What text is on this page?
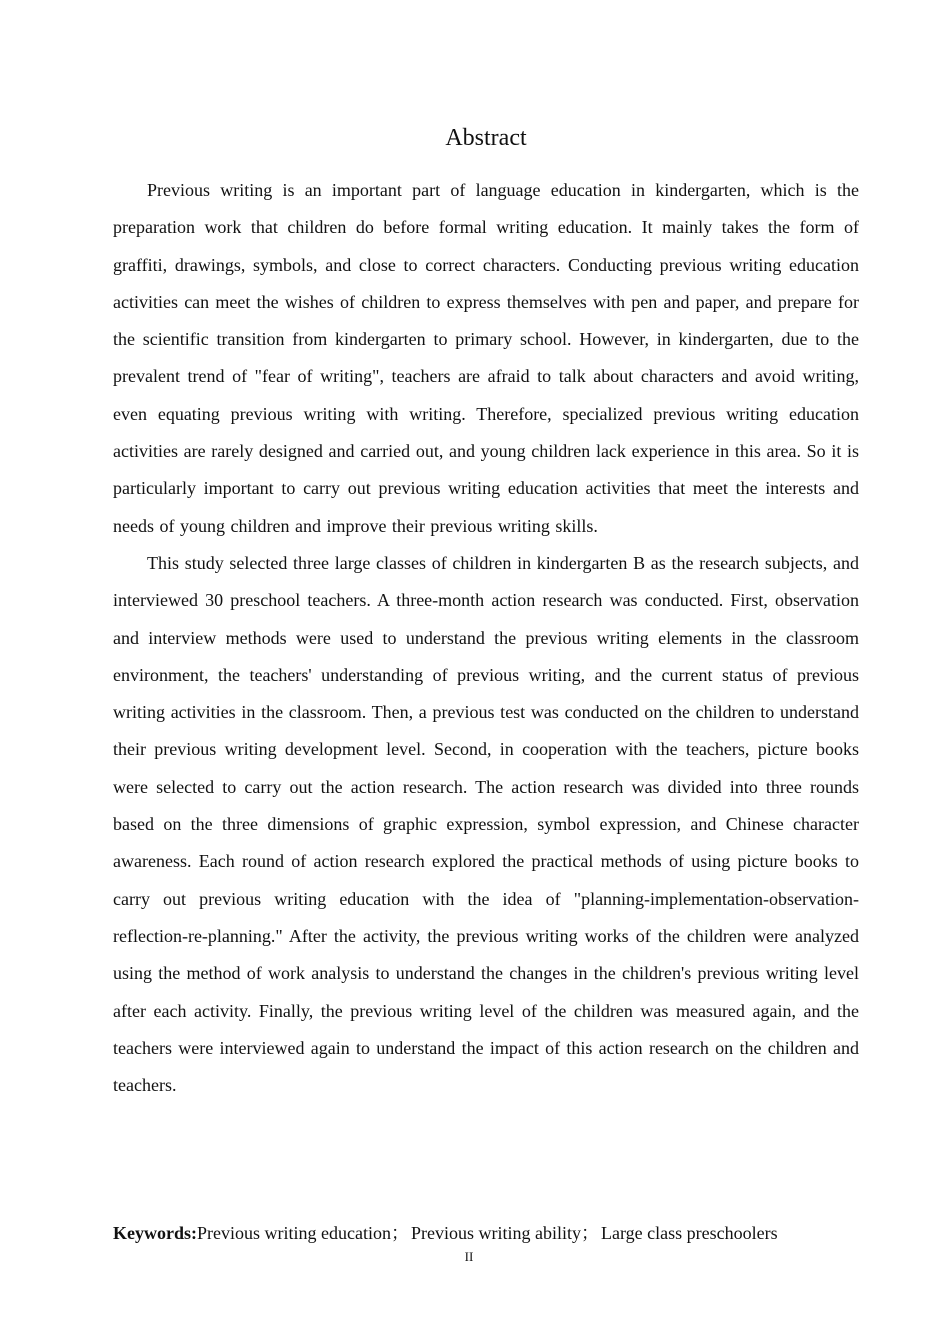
Abstract

Previous writing is an important part of language education in kindergarten, which is the preparation work that children do before formal writing education. It mainly takes the form of graffiti, drawings, symbols, and close to correct characters. Conducting previous writing education activities can meet the wishes of children to express themselves with pen and paper, and prepare for the scientific transition from kindergarten to primary school. However, in kindergarten, due to the prevalent trend of "fear of writing", teachers are afraid to talk about characters and avoid writing, even equating previous writing with writing. Therefore, specialized previous writing education activities are rarely designed and carried out, and young children lack experience in this area. So it is particularly important to carry out previous writing education activities that meet the interests and needs of young children and improve their previous writing skills.

This study selected three large classes of children in kindergarten B as the research subjects, and interviewed 30 preschool teachers. A three-month action research was conducted. First, observation and interview methods were used to understand the previous writing elements in the classroom environment, the teachers' understanding of previous writing, and the current status of previous writing activities in the classroom. Then, a previous test was conducted on the children to understand their previous writing development level. Second, in cooperation with the teachers, picture books were selected to carry out the action research. The action research was divided into three rounds based on the three dimensions of graphic expression, symbol expression, and Chinese character awareness. Each round of action research explored the practical methods of using picture books to carry out previous writing education with the idea of "planning-implementation-observation-reflection-re-planning." After the activity, the previous writing works of the children were analyzed using the method of work analysis to understand the changes in the children's previous writing level after each activity. Finally, the previous writing level of the children was measured again, and the teachers were interviewed again to understand the impact of this action research on the children and teachers.

Keywords:Previous writing education； Previous writing ability； Large class preschoolers
II
